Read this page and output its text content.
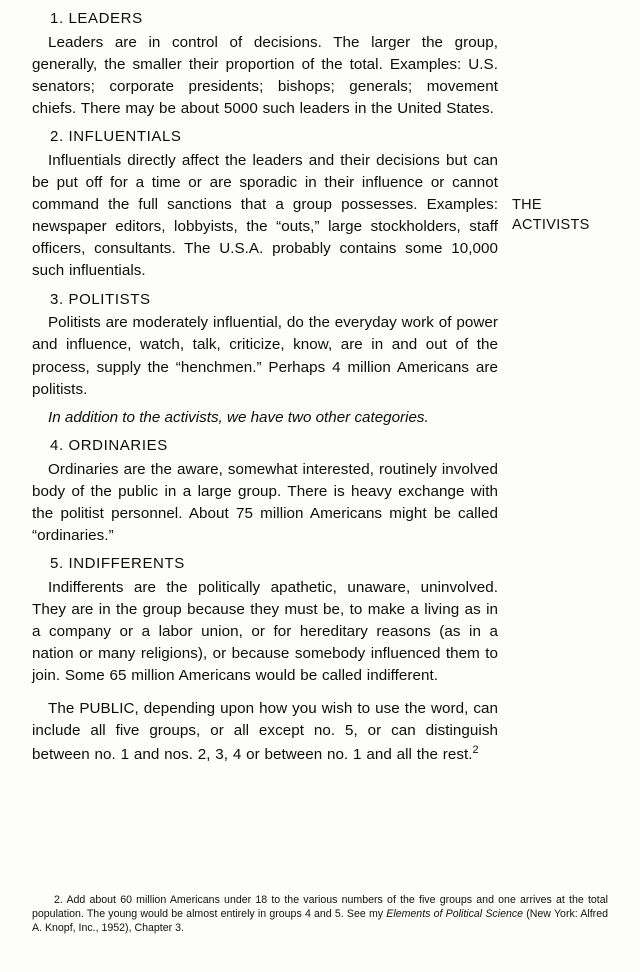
THE
ACTIVISTS
1. LEADERS

Leaders are in control of decisions. The larger the group, generally, the smaller their proportion of the total. Examples: U.S. senators; corporate presidents; bishops; generals; movement chiefs. There may be about 5000 such leaders in the United States.

2. INFLUENTIALS

Influentials directly affect the leaders and their decisions but can be put off for a time or are sporadic in their influence or cannot command the full sanctions that a group possesses. Examples: newspaper editors, lobbyists, the “outs,” large stockholders, staff officers, consultants. The U.S.A. probably contains some 10,000 such influentials.

3. POLITISTS

Politists are moderately influential, do the everyday work of power and influence, watch, talk, criticize, know, are in and out of the process, supply the “henchmen.” Perhaps 4 million Americans are politists.

In addition to the activists, we have two other categories.

4. ORDINARIES

Ordinaries are the aware, somewhat interested, routinely involved body of the public in a large group. There is heavy exchange with the politist personnel. About 75 million Americans might be called “ordinaries.”

5. INDIFFERENTS

Indifferents are the politically apathetic, unaware, uninvolved. They are in the group because they must be, to make a living as in a company or a labor union, or for hereditary reasons (as in a nation or many religions), or because somebody influenced them to join. Some 65 million Americans would be called indifferent.

The PUBLIC, depending upon how you wish to use the word, can include all five groups, or all except no. 5, or can distinguish between no. 1 and nos. 2, 3, 4 or between no. 1 and all the rest.$^2$

2. Add about 60 million Americans under 18 to the various numbers of the five groups and one arrives at the total population. The young would be almost entirely in groups 4 and 5. See my Elements of Political Science (New York: Alfred A. Knopf, Inc., 1952), Chapter 3.
